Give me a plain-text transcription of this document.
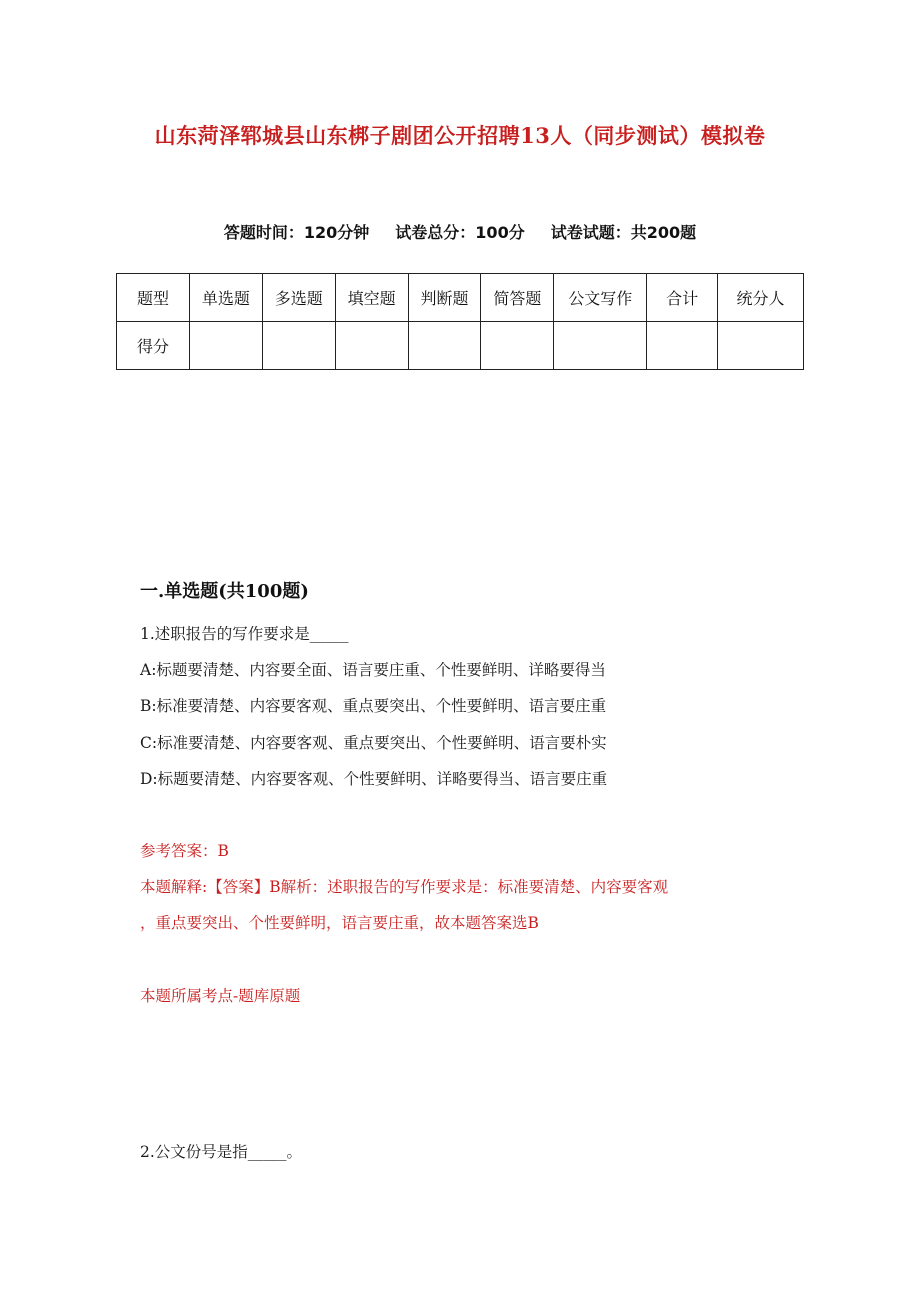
山东菏泽郓城县山东梆子剧团公开招聘13人（同步测试）模拟卷
答题时间：120分钟 试卷总分：100分 试卷试题：共200题
题型	单选题	多选题	填空题	判断题	简答题	公文写作	合计	统分人
得分								
一.单选题(共100题)
1.述职报告的写作要求是_____
A:标题要清楚、内容要全面、语言要庄重、个性要鲜明、详略要得当
B:标准要清楚、内容要客观、重点要突出、个性要鲜明、语言要庄重
C:标准要清楚、内容要客观、重点要突出、个性要鲜明、语言要朴实
D:标题要清楚、内容要客观、个性要鲜明、详略要得当、语言要庄重
参考答案：B
本题解释:【答案】B解析：述职报告的写作要求是：标准要清楚、内容要客观
，重点要突出、个性要鲜明，语言要庄重，故本题答案选B
本题所属考点-题库原题
2.公文份号是指_____。
